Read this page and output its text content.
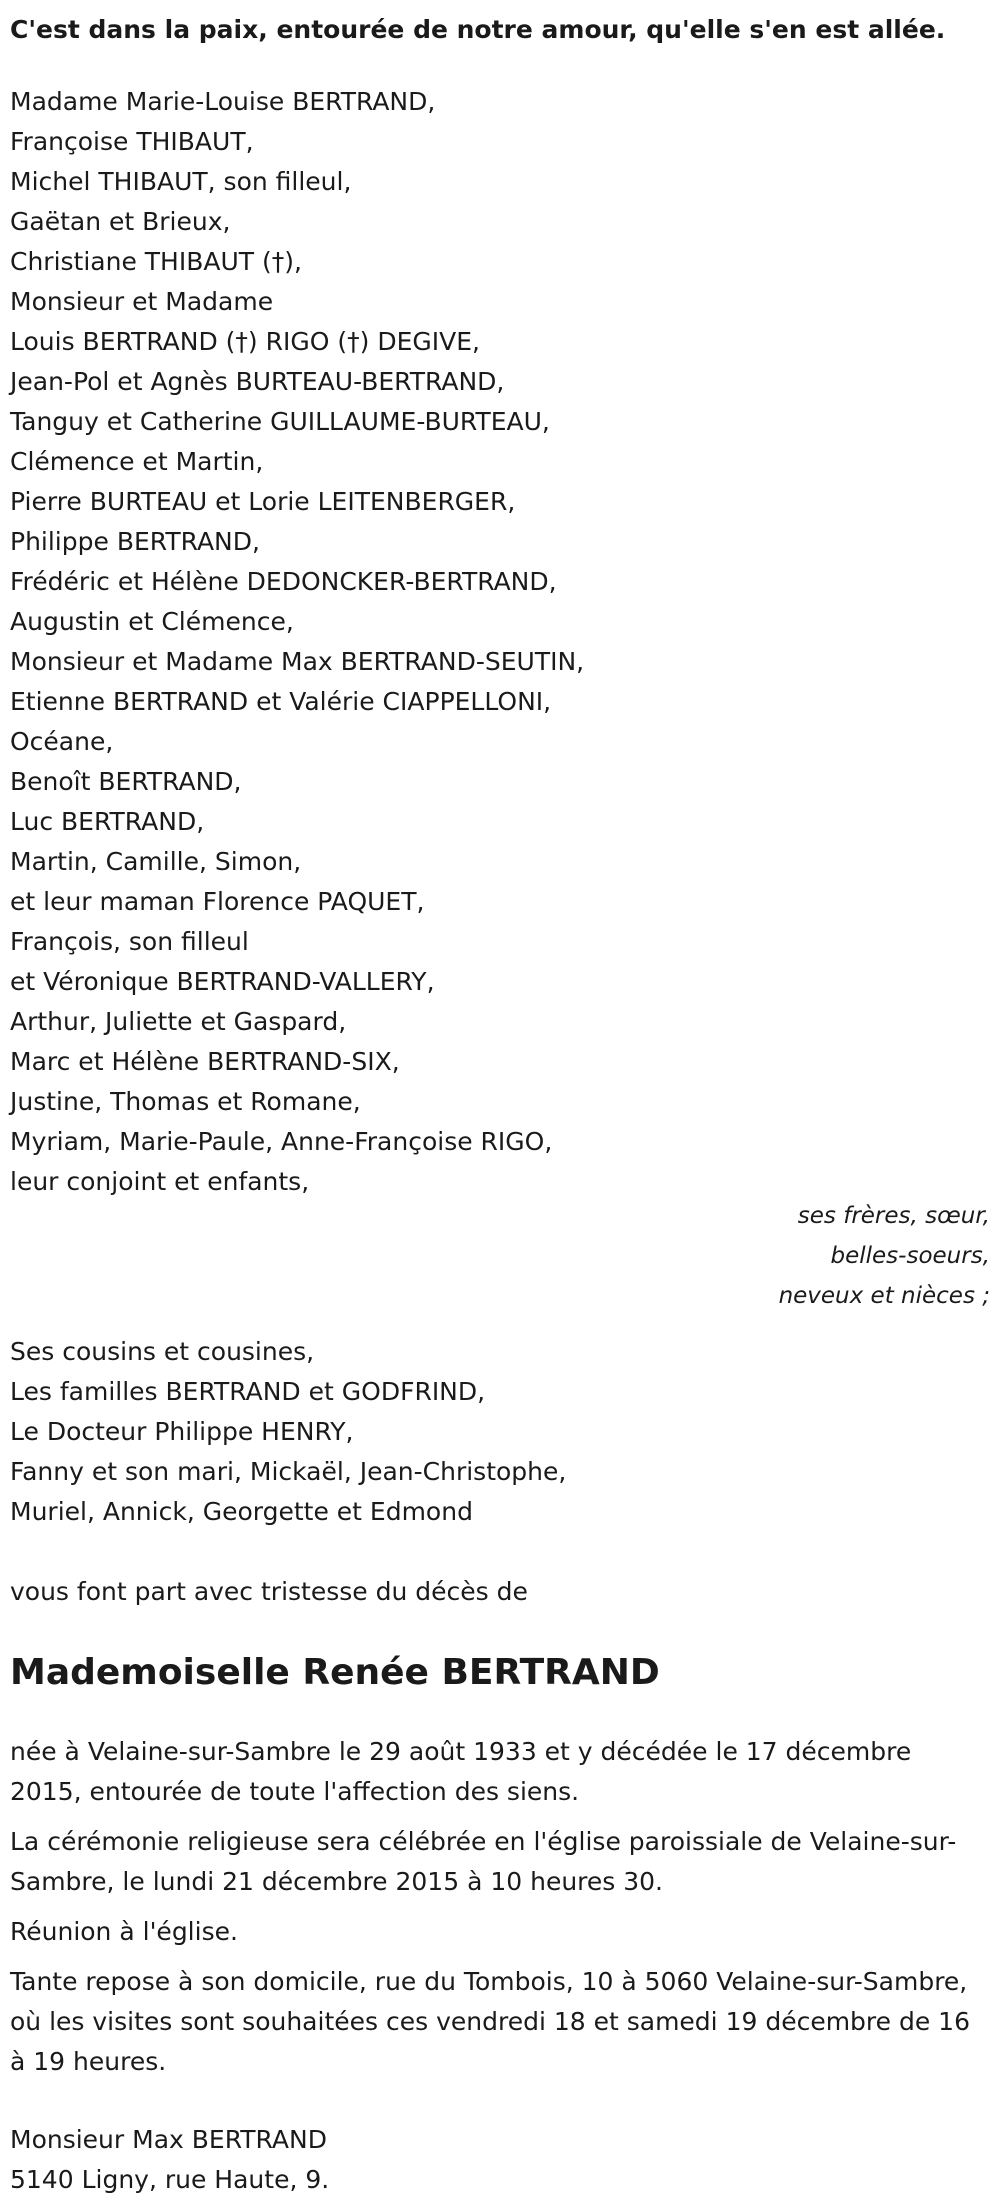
C'est dans la paix, entourée de notre amour, qu'elle s'en est allée.

Madame Marie-Louise BERTRAND,
Françoise THIBAUT,
Michel THIBAUT, son filleul,
Gaëtan et Brieux,
Christiane THIBAUT (†),
Monsieur et Madame
Louis BERTRAND (†) RIGO (†) DEGIVE,
Jean-Pol et Agnès BURTEAU-BERTRAND,
Tanguy et Catherine GUILLAUME-BURTEAU,
Clémence et Martin,
Pierre BURTEAU et Lorie LEITENBERGER,
Philippe BERTRAND,
Frédéric et Hélène DEDONCKER-BERTRAND,
Augustin et Clémence,
Monsieur et Madame Max BERTRAND-SEUTIN,
Etienne BERTRAND et Valérie CIAPPELLONI,
Océane,
Benoît BERTRAND,
Luc BERTRAND,
Martin, Camille, Simon,
et leur maman Florence PAQUET,
François, son filleul
et Véronique BERTRAND-VALLERY,
Arthur, Juliette et Gaspard,
Marc et Hélène BERTRAND-SIX,
Justine, Thomas et Romane,
Myriam, Marie-Paule, Anne-Françoise RIGO,
leur conjoint et enfants,
ses frères, sœur,
belles-soeurs,
neveux et nièces ;
Ses cousins et cousines,
Les familles BERTRAND et GODFRIND,
Le Docteur Philippe HENRY,
Fanny et son mari, Mickaël, Jean-Christophe,
Muriel, Annick, Georgette et Edmond
vous font part avec tristesse du décès de
Mademoiselle Renée BERTRAND

née à Velaine-sur-Sambre le 29 août 1933 et y décédée le 17 décembre 2015, entourée de toute l'affection des siens.

La cérémonie religieuse sera célébrée en l'église paroissiale de Velaine-sur-Sambre, le lundi 21 décembre 2015 à 10 heures 30.

Réunion à l'église.

Tante repose à son domicile, rue du Tombois, 10 à 5060 Velaine-sur-Sambre, où les visites sont souhaitées ces vendredi 18 et samedi 19 décembre de 16 à 19 heures.

Monsieur Max BERTRAND
5140 Ligny, rue Haute, 9.
